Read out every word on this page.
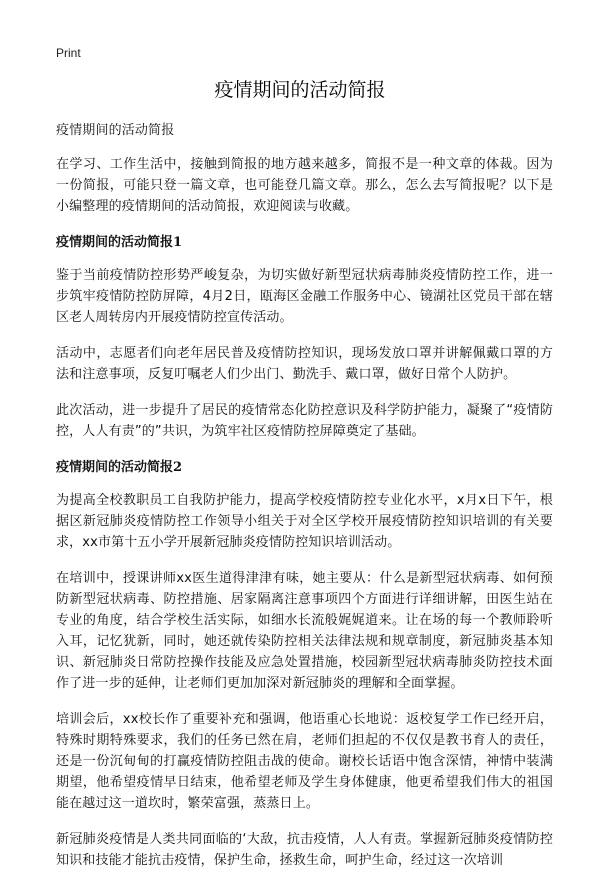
Print
疫情期间的活动简报

疫情期间的活动简报

在学习、工作生活中，接触到简报的地方越来越多，简报不是一种文章的体裁。因为一份简报，可能只登一篇文章，也可能登几篇文章。那么，怎么去写简报呢？以下是小编整理的疫情期间的活动简报，欢迎阅读与收藏。

疫情期间的活动简报1

鉴于当前疫情防控形势严峻复杂，为切实做好新型冠状病毒肺炎疫情防控工作，进一步筑牢疫情防控防屏障，4月2日，瓯海区金融工作服务中心、镜湖社区党员干部在辖区老人周转房内开展疫情防控宣传活动。

活动中，志愿者们向老年居民普及疫情防控知识，现场发放口罩并讲解佩戴口罩的方法和注意事项，反复叮嘱老人们少出门、勤洗手、戴口罩，做好日常个人防护。

此次活动，进一步提升了居民的疫情常态化防控意识及科学防护能力，凝聚了“疫情防控，人人有责”的”共识，为筑牢社区疫情防控屏障奠定了基础。

疫情期间的活动简报2

为提高全校教职员工自我防护能力，提高学校疫情防控专业化水平，x月x日下午，根据区新冠肺炎疫情防控工作领导小组关于对全区学校开展疫情防控知识培训的有关要求，xx市第十五小学开展新冠肺炎疫情防控知识培训活动。

在培训中，授课讲师xx医生道得津津有味，她主要从：什么是新型冠状病毒、如何预防新型冠状病毒、防控措施、居家隔离注意事项四个方面进行详细讲解，田医生站在专业的角度，结合学校生活实际，如细水长流般娓娓道来。让在场的每一个教师聆听入耳，记忆犹新，同时，她还就传染防控相关法律法规和规章制度，新冠肺炎基本知识、新冠肺炎日常防控操作技能及应急处置措施，校园新型冠状病毒肺炎防控技术面作了进一步的延伸，让老师们更加加深对新冠肺炎的理解和全面掌握。

培训会后，xx校长作了重要补充和强调，他语重心长地说：返校复学工作已经开启，特殊时期特殊要求，我们的任务已然在肩，老师们担起的不仅仅是教书育人的责任，还是一份沉甸甸的打赢疫情防控阻击战的使命。谢校长话语中饱含深情，神情中装满期望，他希望疫情早日结束，他希望老师及学生身体健康，他更希望我们伟大的祖国能在越过这一道坎时，繁荣富强，蒸蒸日上。

新冠肺炎疫情是人类共同面临的‘大敌，抗击疫情，人人有责。掌握新冠肺炎疫情防控知识和技能才能抗击疫情，保护生命，拯救生命，呵护生命，经过这一次培训
